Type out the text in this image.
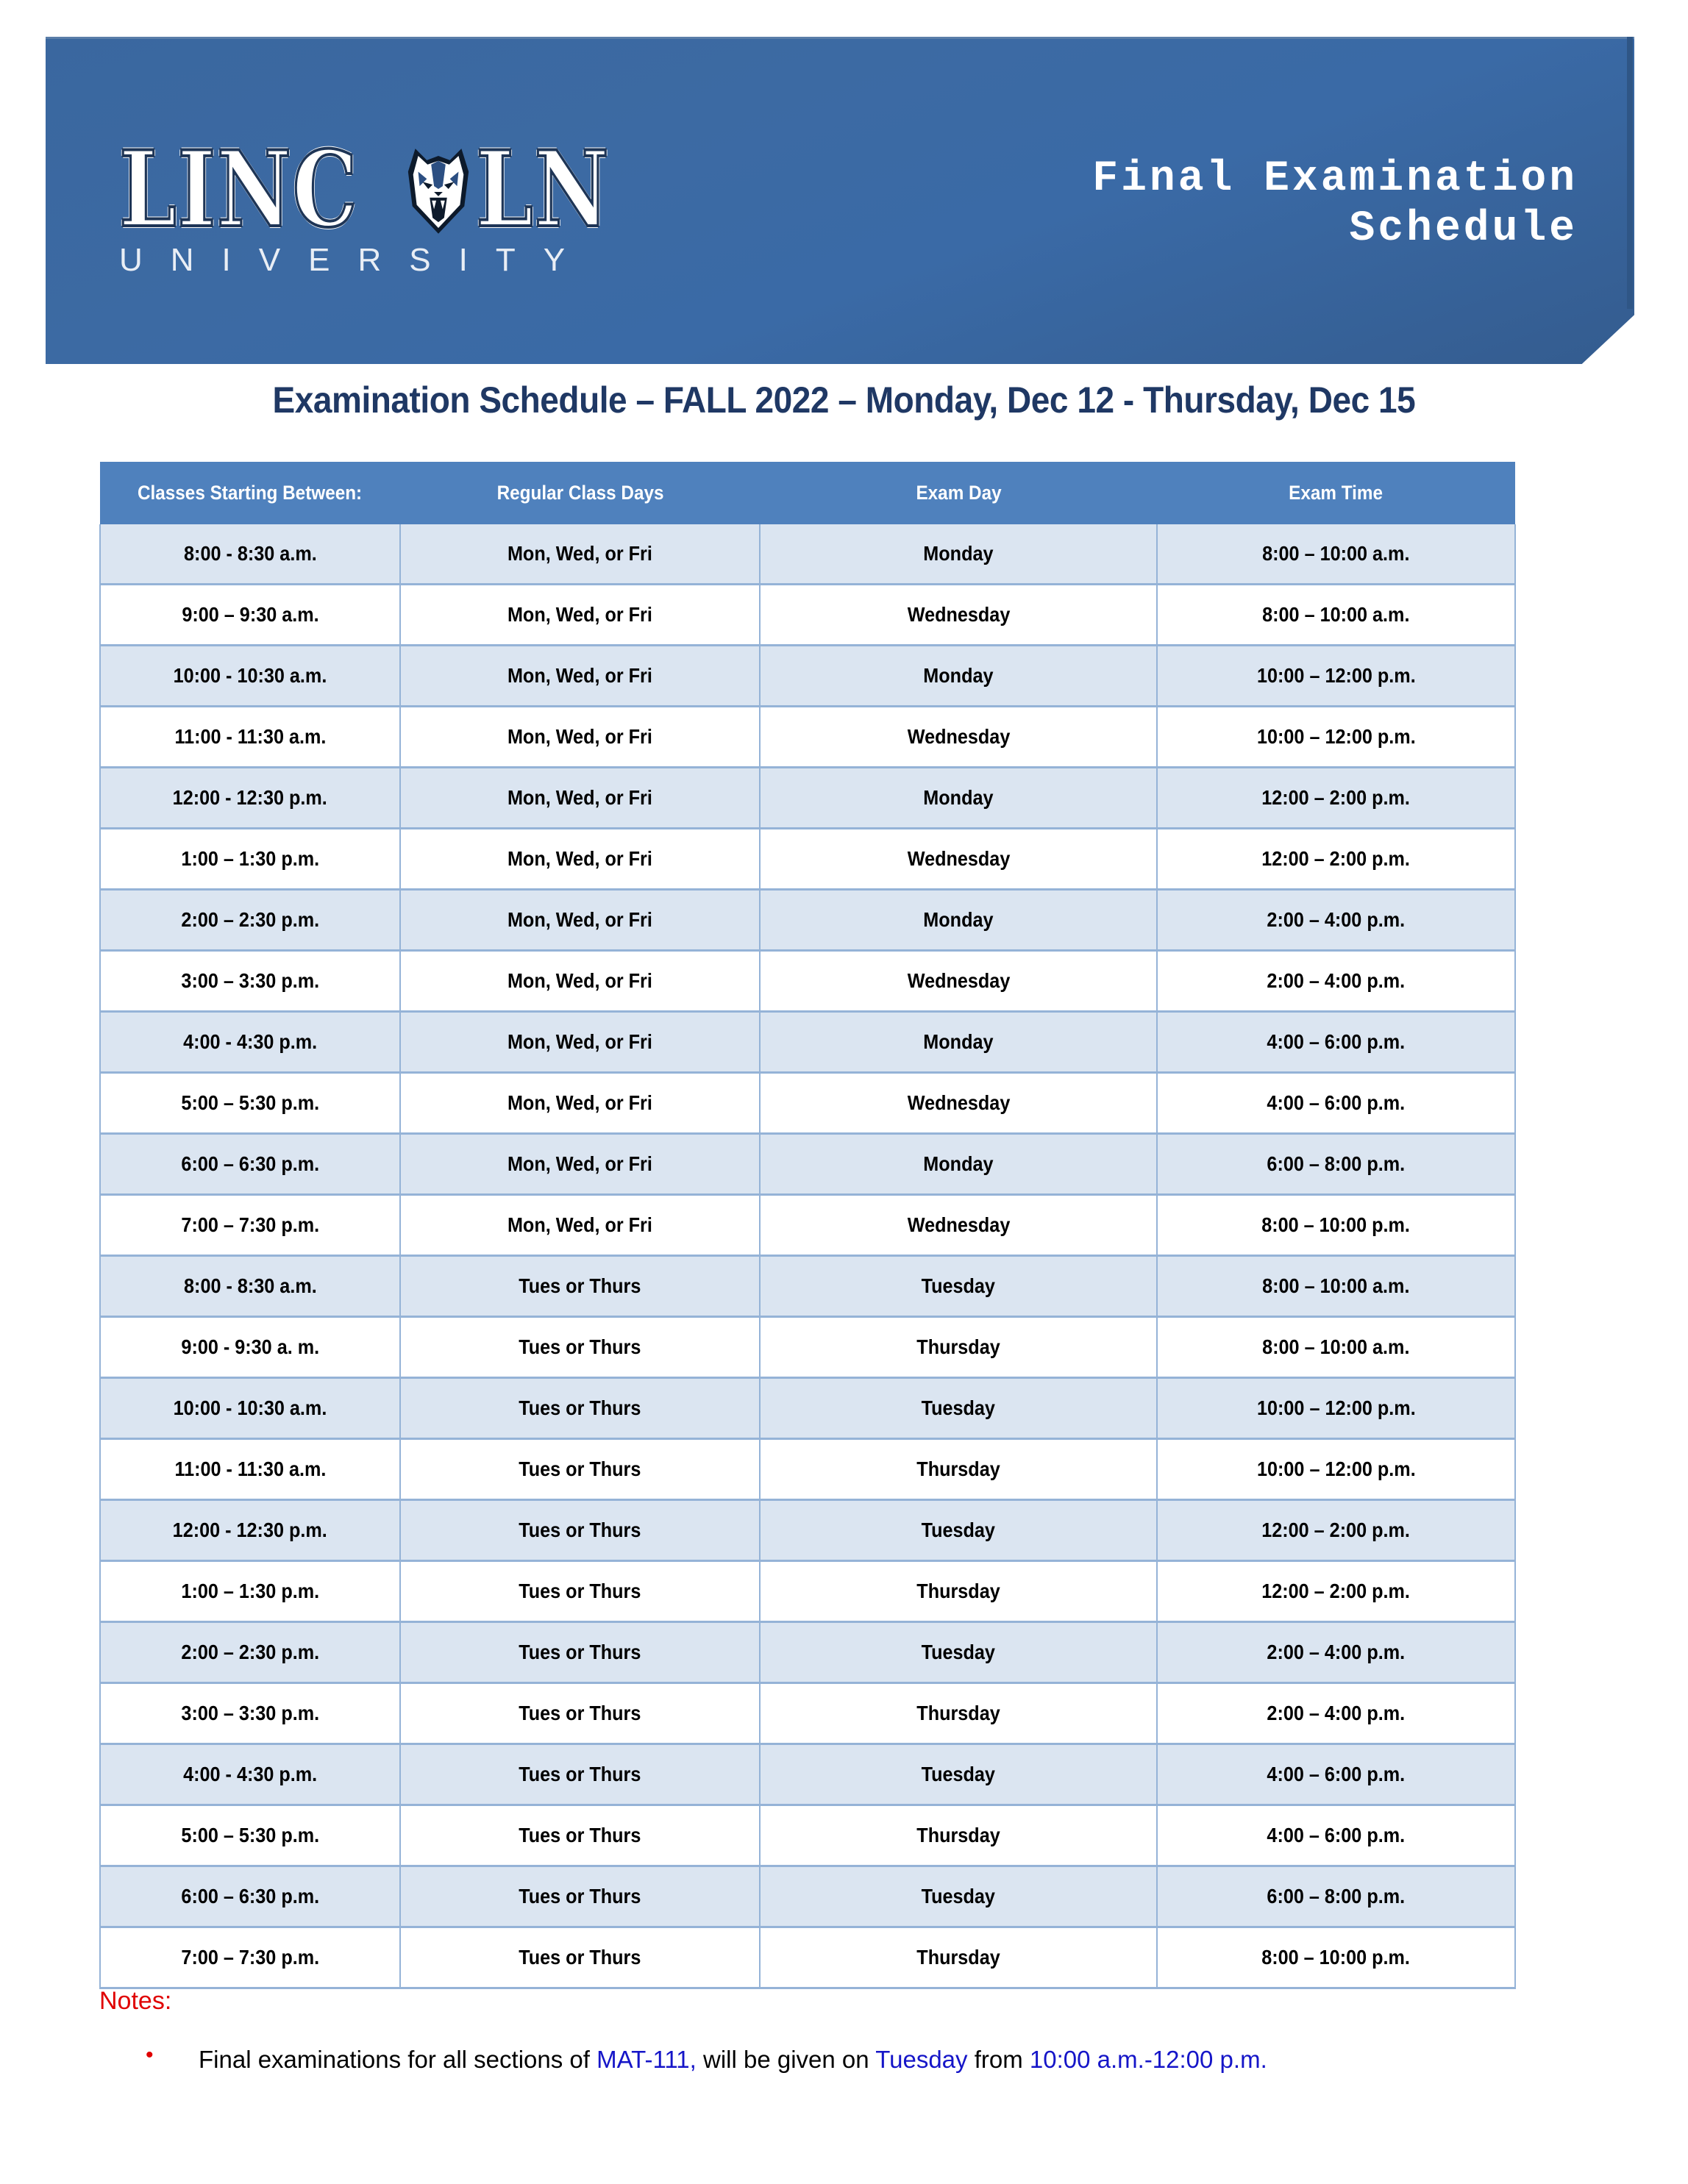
LINC LN
UNIVERSITY
Final Examination
Schedule
Examination Schedule – FALL 2022 – Monday, Dec 12 - Thursday, Dec 15
Classes Starting Between:	Regular Class Days	Exam Day	Exam Time
8:00 - 8:30 a.m.	Mon, Wed, or Fri	Monday	8:00 – 10:00 a.m.
9:00 – 9:30 a.m.	Mon, Wed, or Fri	Wednesday	8:00 – 10:00 a.m.
10:00 - 10:30 a.m.	Mon, Wed, or Fri	Monday	10:00 – 12:00 p.m.
11:00 - 11:30 a.m.	Mon, Wed, or Fri	Wednesday	10:00 – 12:00 p.m.
12:00 - 12:30 p.m.	Mon, Wed, or Fri	Monday	12:00 – 2:00 p.m.
1:00 – 1:30 p.m.	Mon, Wed, or Fri	Wednesday	12:00 – 2:00 p.m.
2:00 – 2:30 p.m.	Mon, Wed, or Fri	Monday	2:00 – 4:00 p.m.
3:00 – 3:30 p.m.	Mon, Wed, or Fri	Wednesday	2:00 – 4:00 p.m.
4:00 - 4:30 p.m.	Mon, Wed, or Fri	Monday	4:00 – 6:00 p.m.
5:00 – 5:30 p.m.	Mon, Wed, or Fri	Wednesday	4:00 – 6:00 p.m.
6:00 – 6:30 p.m.	Mon, Wed, or Fri	Monday	6:00 – 8:00 p.m.
7:00 – 7:30 p.m.	Mon, Wed, or Fri	Wednesday	8:00 – 10:00 p.m.
8:00 - 8:30 a.m.	Tues or Thurs	Tuesday	8:00 – 10:00 a.m.
9:00 - 9:30 a. m.	Tues or Thurs	Thursday	8:00 – 10:00 a.m.
10:00 - 10:30 a.m.	Tues or Thurs	Tuesday	10:00 – 12:00 p.m.
11:00 - 11:30 a.m.	Tues or Thurs	Thursday	10:00 – 12:00 p.m.
12:00 - 12:30 p.m.	Tues or Thurs	Tuesday	12:00 – 2:00 p.m.
1:00 – 1:30 p.m.	Tues or Thurs	Thursday	12:00 – 2:00 p.m.
2:00 – 2:30 p.m.	Tues or Thurs	Tuesday	2:00 – 4:00 p.m.
3:00 – 3:30 p.m.	Tues or Thurs	Thursday	2:00 – 4:00 p.m.
4:00 - 4:30 p.m.	Tues or Thurs	Tuesday	4:00 – 6:00 p.m.
5:00 – 5:30 p.m.	Tues or Thurs	Thursday	4:00 – 6:00 p.m.
6:00 – 6:30 p.m.	Tues or Thurs	Tuesday	6:00 – 8:00 p.m.
7:00 – 7:30 p.m.	Tues or Thurs	Thursday	8:00 – 10:00 p.m.
Notes:
• Final examinations for all sections of MAT-111, will be given on Tuesday from 10:00 a.m.-12:00 p.m.
